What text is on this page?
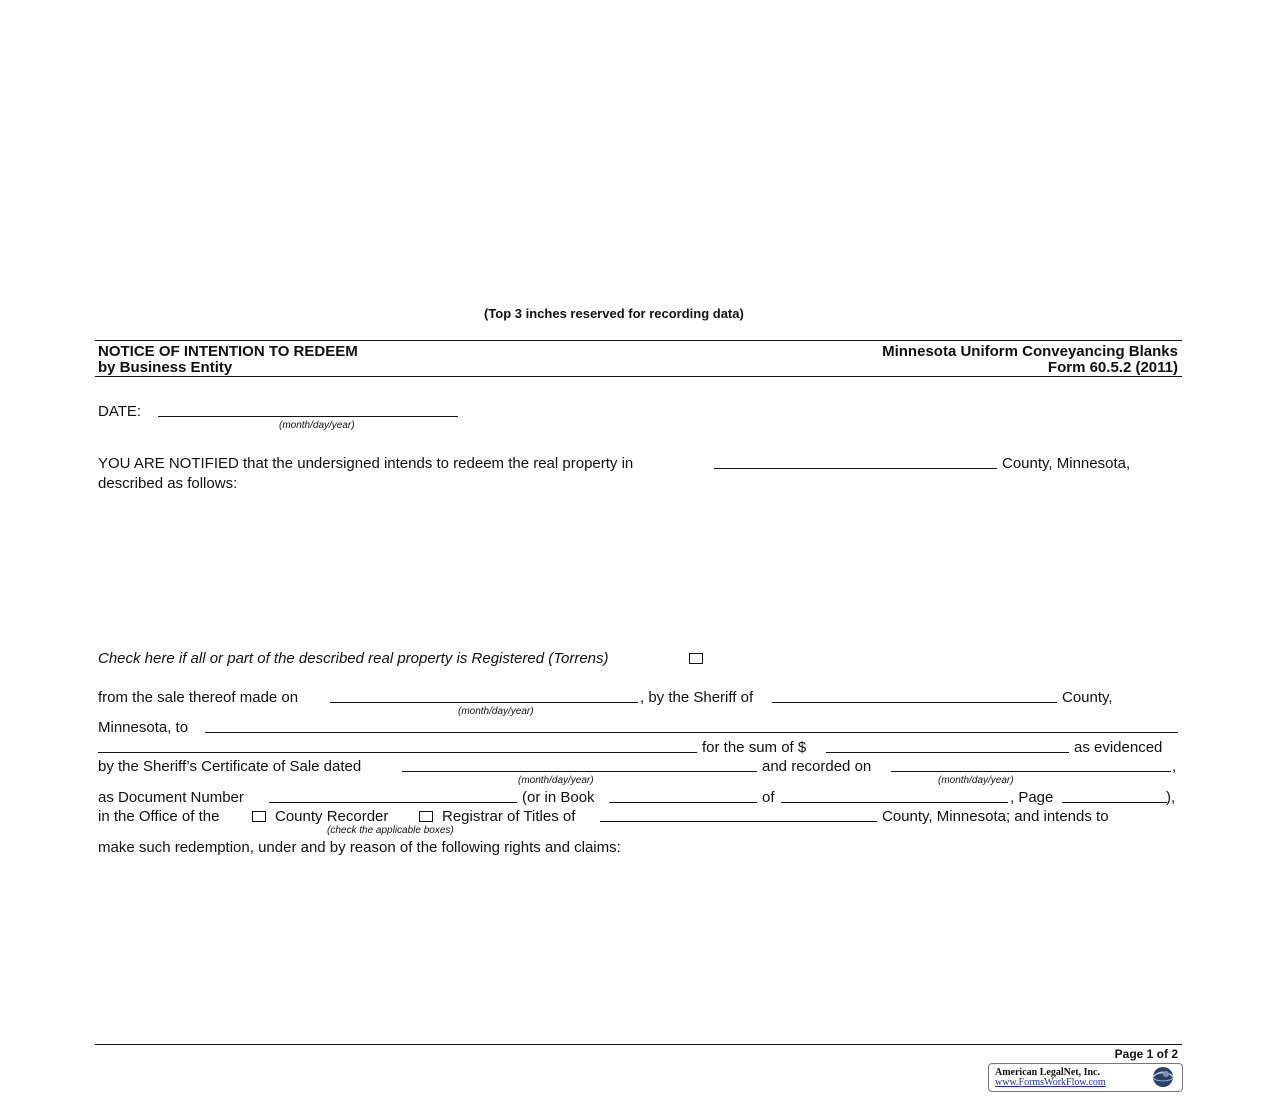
(Top 3 inches reserved for recording data)
NOTICE OF INTENTION TO REDEEM
by Business Entity
Minnesota Uniform Conveyancing Blanks
Form 60.5.2 (2011)
DATE:
(month/day/year)
YOU ARE NOTIFIED that the undersigned intends to redeem the real property in	County, Minnesota,
described as follows:
Check here if all or part of the described real property is Registered (Torrens)
from the sale thereof made on	, by the Sheriff of	County,
(month/day/year)
Minnesota, to
for the sum of $	as evidenced
by the Sheriff’s Certificate of Sale dated	and recorded on	,
(month/day/year)	(month/day/year)
as Document Number	(or in Book	of	, Page	),
in the Office of the	County Recorder	Registrar of Titles of	County, Minnesota; and intends to
(check the applicable boxes)
make such redemption, under and by reason of the following rights and claims:
Page 1 of 2
American LegalNet, Inc.
www.FormsWorkFlow.com
